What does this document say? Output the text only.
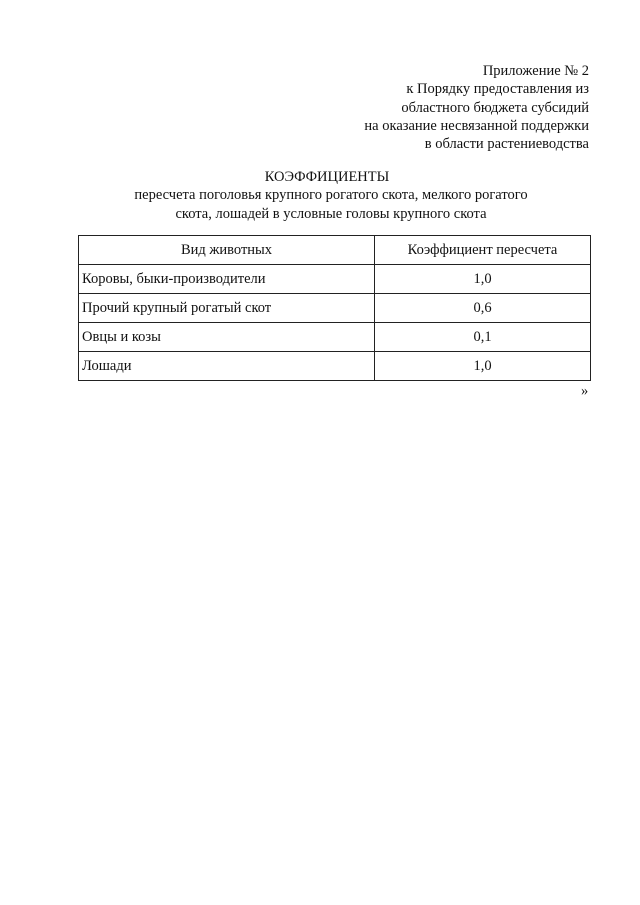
Приложение № 2
к Порядку предоставления из
областного бюджета субсидий
на оказание несвязанной поддержки
в области растениеводства
КОЭФФИЦИЕНТЫ
пересчета поголовья крупного рогатого скота, мелкого рогатого
скота, лошадей в условные головы крупного скота
Вид животных	Коэффициент пересчета
Коровы, быки-производители	1,0
Прочий крупный рогатый скот	0,6
Овцы и козы	0,1
Лошади	1,0
»
